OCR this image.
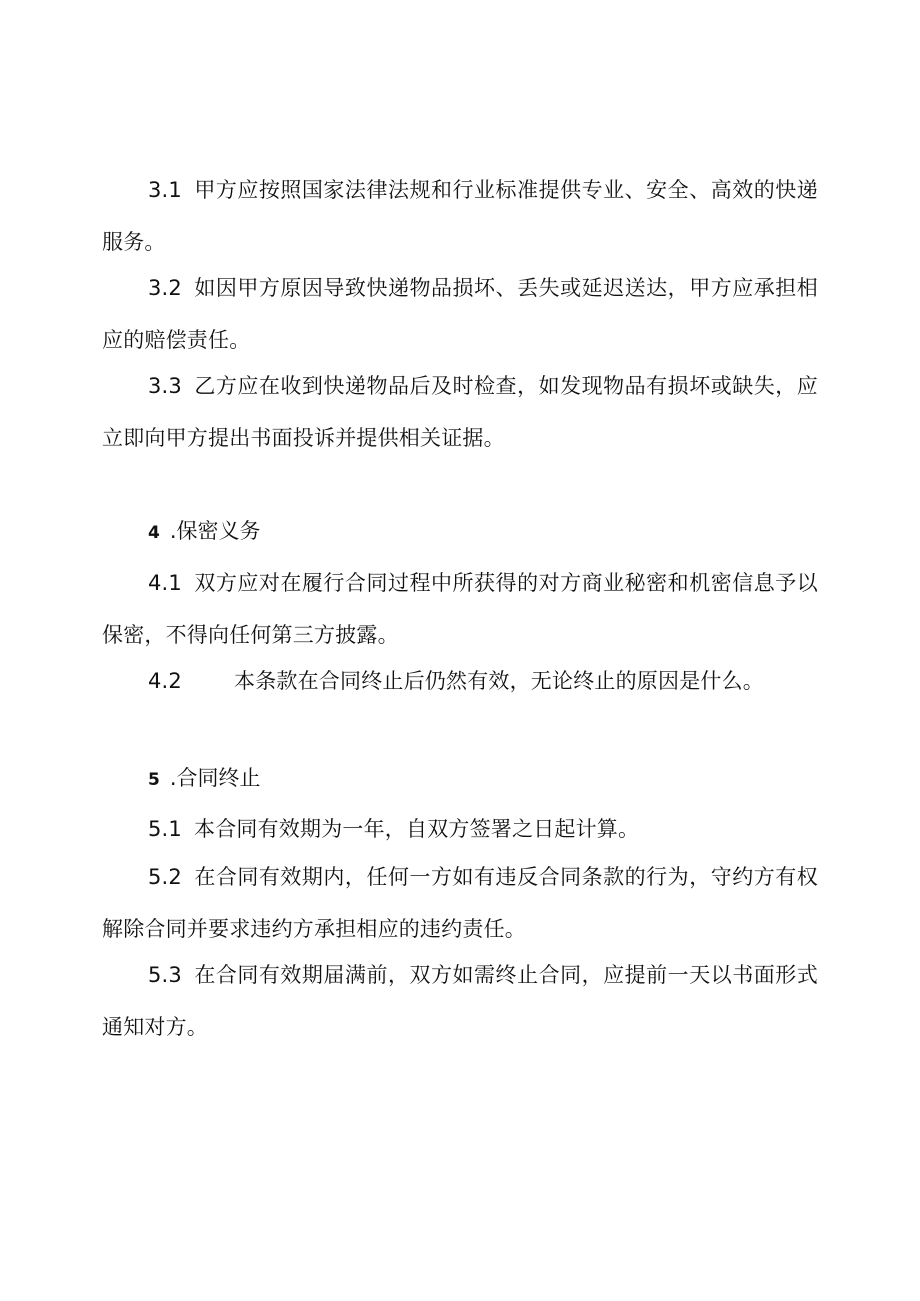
3.1 甲方应按照国家法律法规和行业标准提供专业、安全、高效的快递服务。

3.2 如因甲方原因导致快递物品损坏、丢失或延迟送达，甲方应承担相应的赔偿责任。

3.3 乙方应在收到快递物品后及时检查，如发现物品有损坏或缺失，应立即向甲方提出书面投诉并提供相关证据。

4 .保密义务

4.1 双方应对在履行合同过程中所获得的对方商业秘密和机密信息予以保密，不得向任何第三方披露。

4.2 本条款在合同终止后仍然有效，无论终止的原因是什么。

5 .合同终止

5.1 本合同有效期为一年，自双方签署之日起计算。

5.2 在合同有效期内，任何一方如有违反合同条款的行为，守约方有权解除合同并要求违约方承担相应的违约责任。

5.3 在合同有效期届满前，双方如需终止合同，应提前一天以书面形式通知对方。
